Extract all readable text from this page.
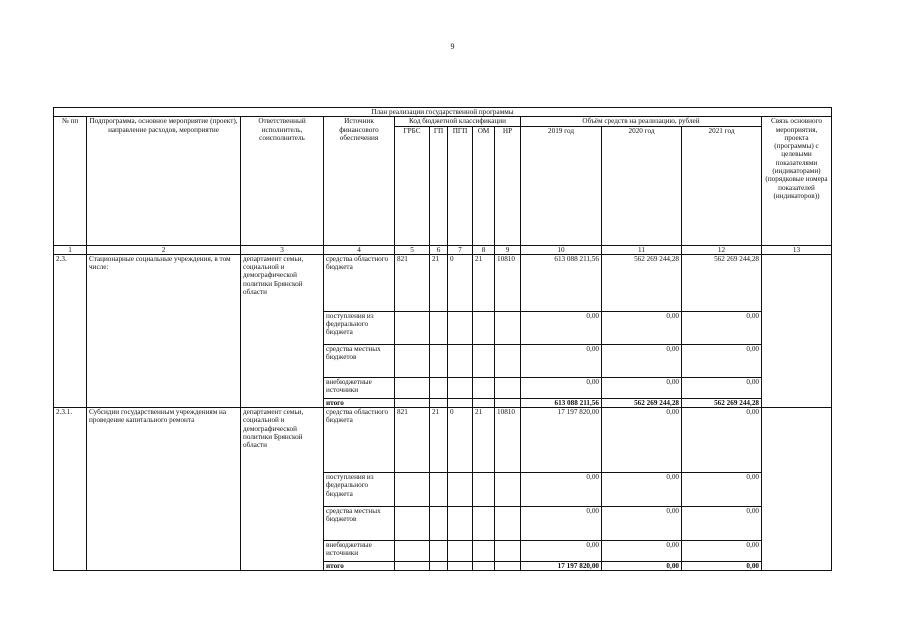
9
План реализации государственной программы												
№ пп	Подпрограмма, основное мероприятие (проект), направление расходов, мероприятие	Ответственный исполнитель, соисполнитель	Источник финансового обеспечения	Код бюджетной классификации					Объём средств на реализацию, рублей			Связь основного мероприятия, проекта (программы) с целевыми показателями (индикаторами) (порядковые номера показателей (индикаторов))
				ГРБС	ГП	ПГП	ОМ	НР	2019 год	2020 год	2021 год	
1	2	3	4	5	6	7	8	9	10	11	12	13
2.3.	Стационарные социальные учреждения, в том числе:	департамент семьи, социальной и демографической политики Брянской области	средства областного бюджета	821	21	0	21	10810	613 088 211,56	562 269 244,28	562 269 244,28	
			поступления из федерального бюджета						0,00	0,00	0,00	
			средства местных бюджетов						0,00	0,00	0,00	
			внебюджетные источники						0,00	0,00	0,00	
			итого						613 088 211,56	562 269 244,28	562 269 244,28	
2.3.1.	Субсидии государственным учреждениям на проведение капитального ремонта	департамент семьи, социальной и демографической политики Брянской области	средства областного бюджета	821	21	0	21	10810	17 197 820,00	0,00	0,00	
			поступления из федерального бюджета						0,00	0,00	0,00	
			средства местных бюджетов						0,00	0,00	0,00	
			внебюджетные источники						0,00	0,00	0,00	
			итого						17 197 820,00	0,00	0,00	
